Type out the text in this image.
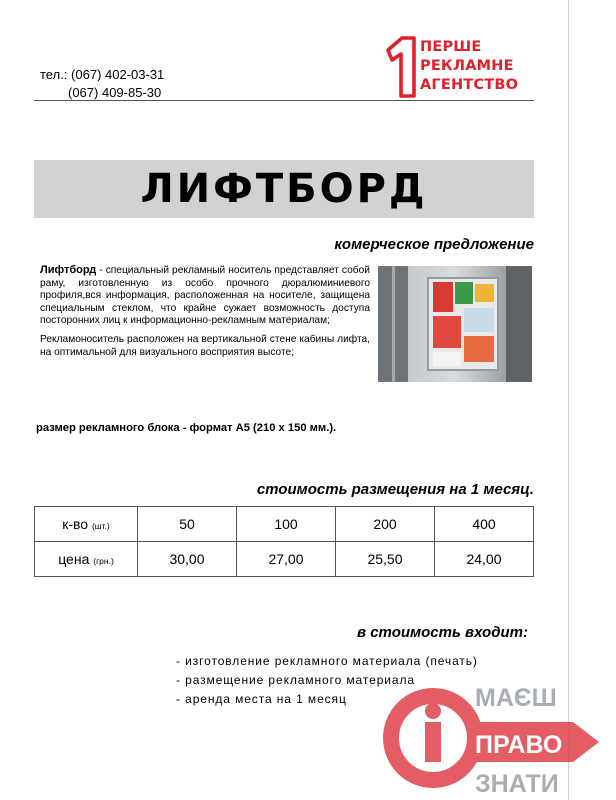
тел.: (067) 402-03-31
(067) 409-85-30
1
ПЕРШЕ
РЕКЛАМНЕ
АГЕНТСТВО
ЛИФТБОРД
комерческое предложение

Лифтборд - специальный рекламный носитель представляет собой раму, изготовленную из особо прочного дюралюминиевого профиля,вся информация, расположенная на носителе, защищена специальным стеклом, что крайне сужает возможность доступа посторонних лиц к информационно-рекламным материалам;

Рекламоноситель расположен на вертикальной стене кабины лифта, на оптимальной для визуального восприятия высоте;

размер рекламного блока - формат А5 (210 х 150 мм.).
стоимость размещения на 1 месяц.
к-во (шт.)	50	100	200	400
цена (грн.)	30,00	27,00	25,50	24,00
в стоимость входит:
- изготовление рекламного материала (печать)
- размещение рекламного материала
- аренда места на 1 месяц	МАЄШ
ПРАВО
ЗНАТИ
